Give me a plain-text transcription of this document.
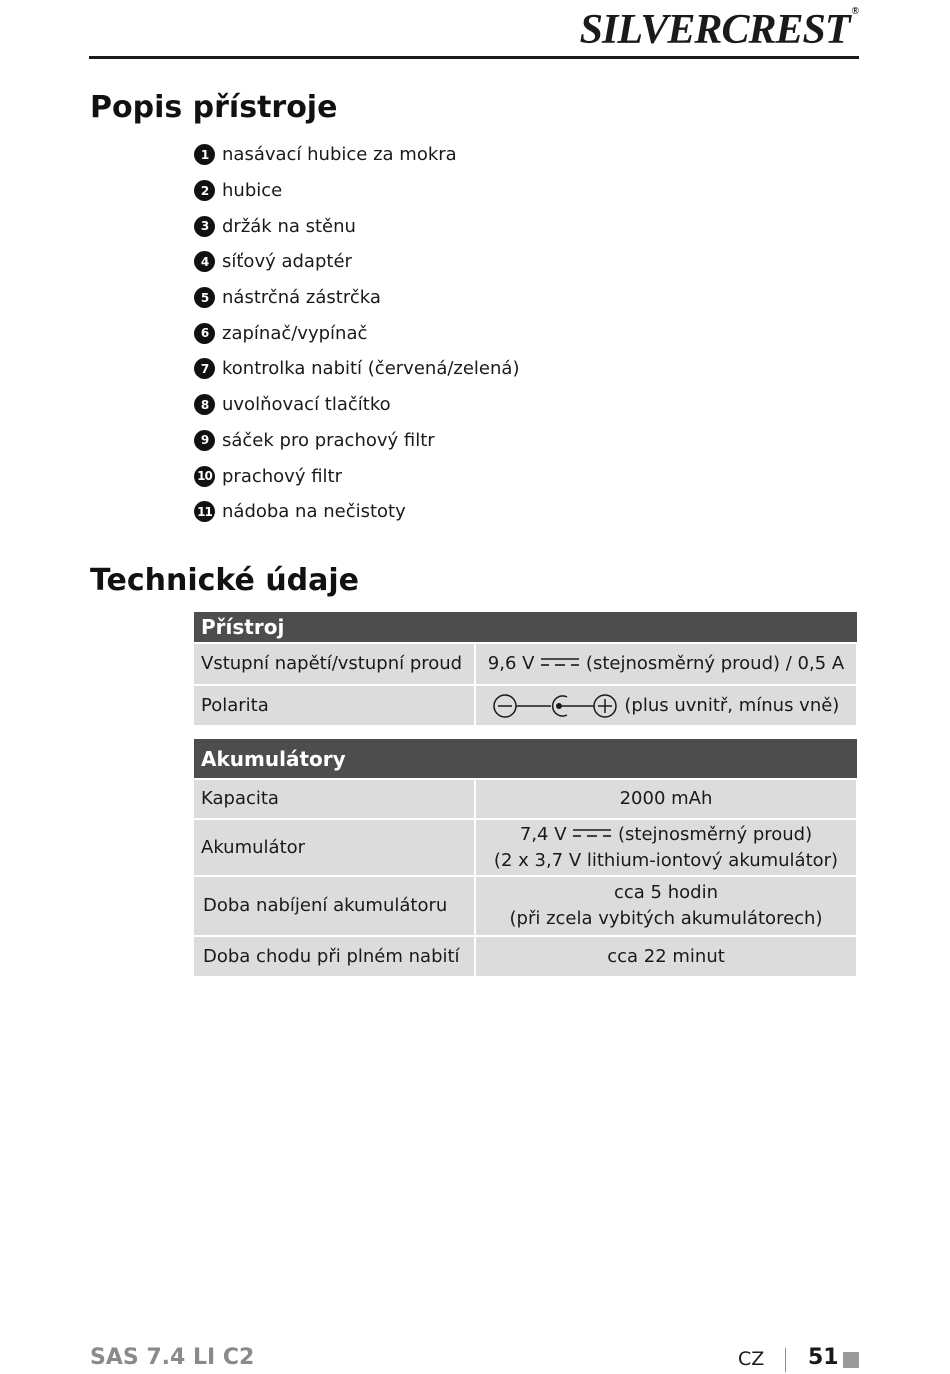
SILVERCREST ®
Popis přístroje
1 nasávací hubice za mokra
2 hubice
3 držák na stěnu
4 síťový adaptér
5 nástrčná zástrčka
6 zapínač/vypínač
7 kontrolka nabití (červená/zelená)
8 uvolňovací tlačítko
9 sáček pro prachový filtr
10 prachový filtr
11 nádoba na nečistoty
Technické údaje
Přístroj	
Vstupní napětí/vstupní proud	9,6 V (stejnosměrný proud) / 0,5 A
Polarita	(plus uvnitř, mínus vně)
Akumulátory	
Kapacita	2000 mAh
Akumulátor	7,4 V (stejnosměrný proud)
(2 x 3,7 V lithium-iontový akumulátor)

Doba nabíjení akumulátoru	cca 5 hodin
(při zcela vybitých akumulátorech)

Doba chodu při plném nabití	cca 22 minut
SAS 7.4 LI C2	CZ 51
